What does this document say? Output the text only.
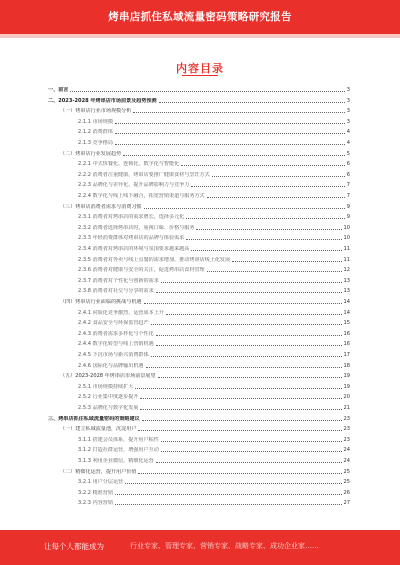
烤串店抓住私域流量密码策略研究报告
内容目录
一、前言	3
二、2023-2028 年烤串店市场前景及趋势预测	3
（一）烤串店行业市场规模分析	3
2.1.1 市场规模	3
2.1.2 消费群体	4
2.1.3 竞争格局	4
（二）烤串店行业发展趋势	5
2.2.1 中式快餐化、连锁化、数字化与智能化	6
2.2.2 消费者注重健康，烤串店要推广健康食材与烹饪方式	6
2.2.3 品牌化与差异化，提升品牌影响力与竞争力	7
2.2.4 数字化与线上线下融合，拓宽营销渠道与服务方式	7
（三）烤串店消费者需求与消费习惯	9
2.3.1 消费者对烤串店的需求增长，选择多元化	9
2.3.2 消费者选择烤串店时，重视口味、价格与服务	10
2.3.3 年轻消费群体对烤串店的品牌与体验需求	10
2.3.4 消费者对烤串店的环境与氛围要求越来越高	11
2.3.5 消费者对外卖与线上点餐的需求增加，推动烤串店线上化发展	11
2.3.6 消费者对健康与安全的关注，促进烤串店食材管理	12
2.3.7 消费者对个性化与创新的需求	13
2.3.8 消费者对社交与分享的需求	13
（四）烤串店行业面临的挑战与机遇	14
2.4.1 同质化竞争激烈，运营成本上升	14
2.4.2 食品安全与环保监管趋严	15
2.4.3 消费者需求多样化与个性化	16
2.4.4 数字化转型与线上营销机遇	16
2.4.5 下沉市场与新兴消费群体	17
2.4.6 国际化与品牌输出机遇	18
（五）2023-2028 年烤串店市场前景展望	19
2.5.1 市场规模持续扩大	19
2.5.2 行业集中度逐步提升	20
2.5.3 品牌化与数字化发展	21
三、烤串店抓住私域流量密码的策略建议	23
（一）建立私域流量池，沉淀用户	23
3.1.1 搭建会员体系，提升用户粘性	23
3.1.2 打造社群运营，增强用户互动	24
3.1.3 利用企业微信，精细化运营	24
（二）精细化运营，提升用户价值	25
3.2.1 用户分层运营	25
3.2.2 精准营销	26
3.2.3 内容营销	27
让每个人都能成为	行业专家、管理专家、营销专家、战略专家、成功企业家……
